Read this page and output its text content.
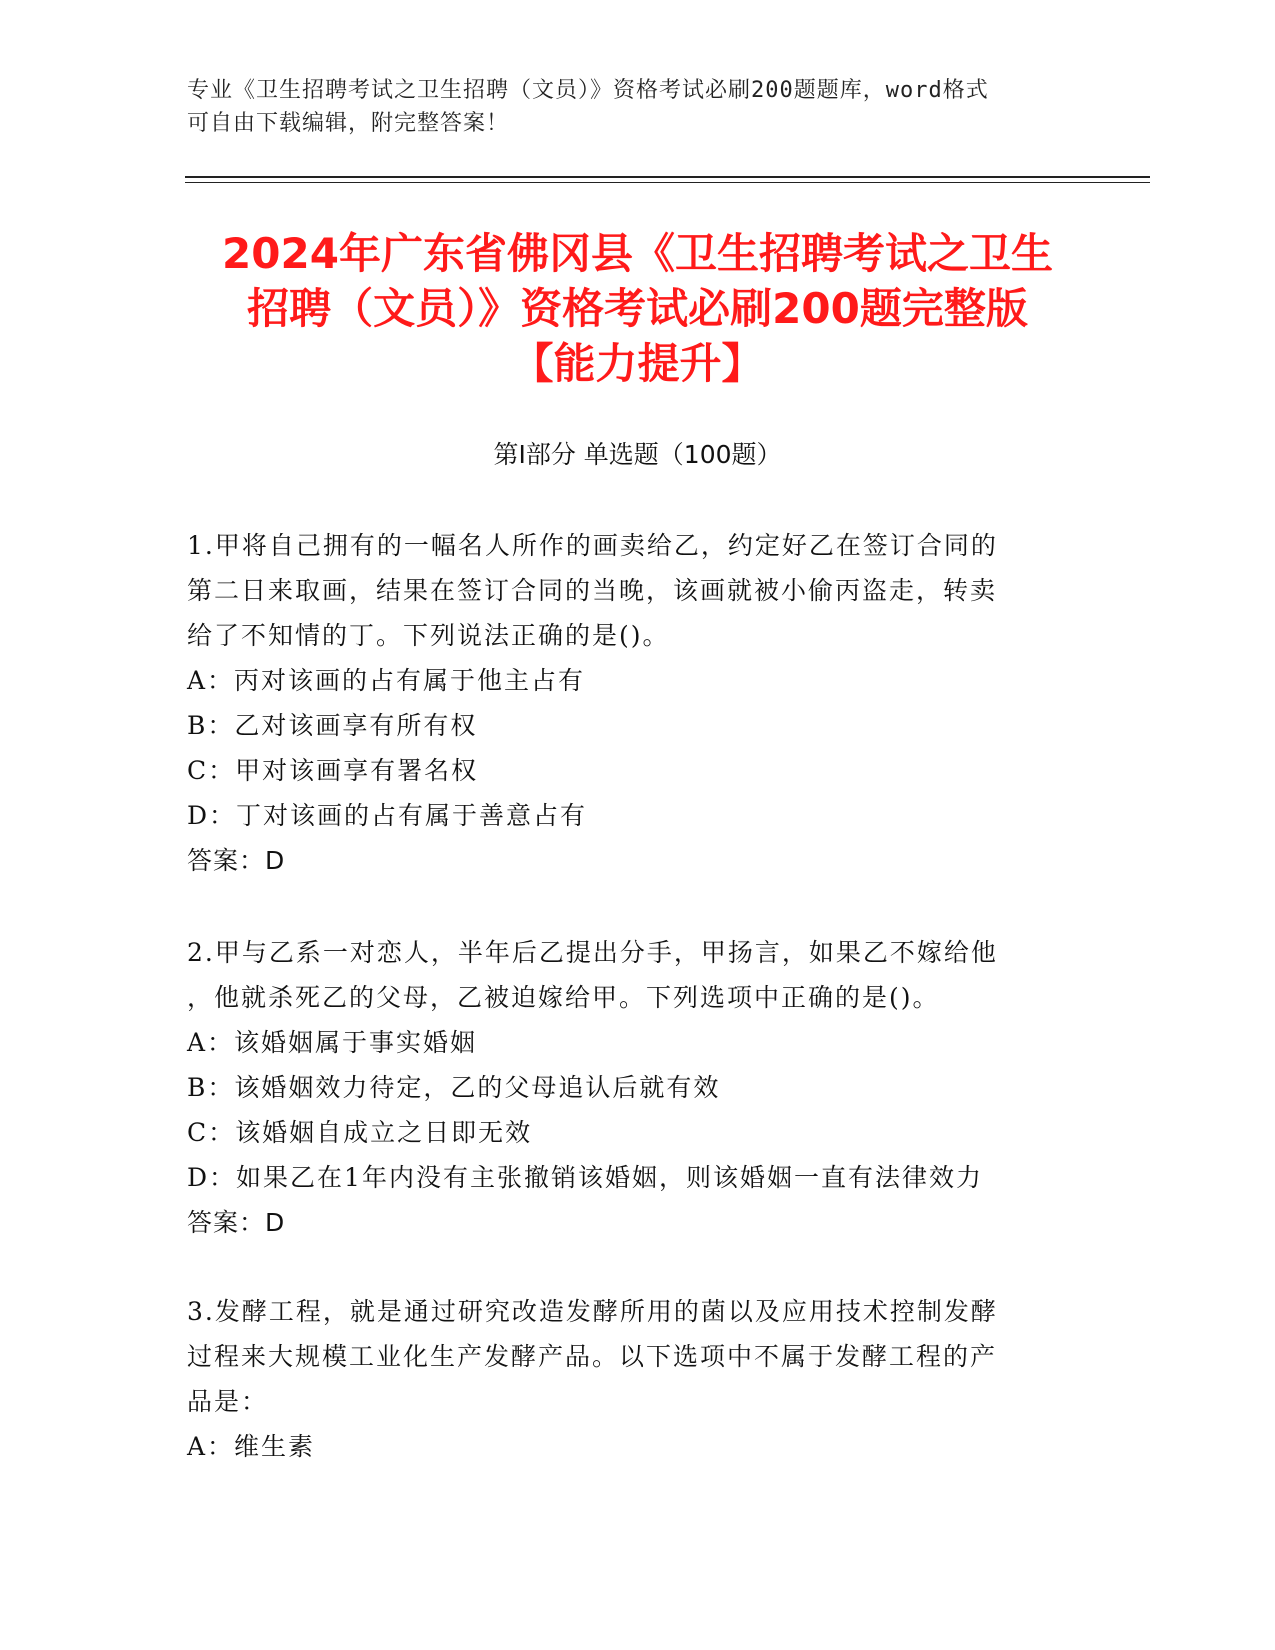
专业《卫生招聘考试之卫生招聘（文员）》资格考试必刷200题题库，word格式
可自由下载编辑，附完整答案！
2024年广东省佛冈县《卫生招聘考试之卫生
招聘（文员）》资格考试必刷200题完整版
【能力提升】
第Ⅰ部分 单选题（100题）
1.甲将自己拥有的一幅名人所作的画卖给乙，约定好乙在签订合同的
第二日来取画，结果在签订合同的当晚，该画就被小偷丙盗走，转卖
给了不知情的丁。下列说法正确的是()。
A：丙对该画的占有属于他主占有
B：乙对该画享有所有权
C：甲对该画享有署名权
D：丁对该画的占有属于善意占有
答案：D
2.甲与乙系一对恋人，半年后乙提出分手，甲扬言，如果乙不嫁给他
，他就杀死乙的父母，乙被迫嫁给甲。下列选项中正确的是()。
A：该婚姻属于事实婚姻
B：该婚姻效力待定，乙的父母追认后就有效
C：该婚姻自成立之日即无效
D：如果乙在1年内没有主张撤销该婚姻，则该婚姻一直有法律效力
答案：D
3.发酵工程，就是通过研究改造发酵所用的菌以及应用技术控制发酵
过程来大规模工业化生产发酵产品。以下选项中不属于发酵工程的产
品是：
A：维生素
